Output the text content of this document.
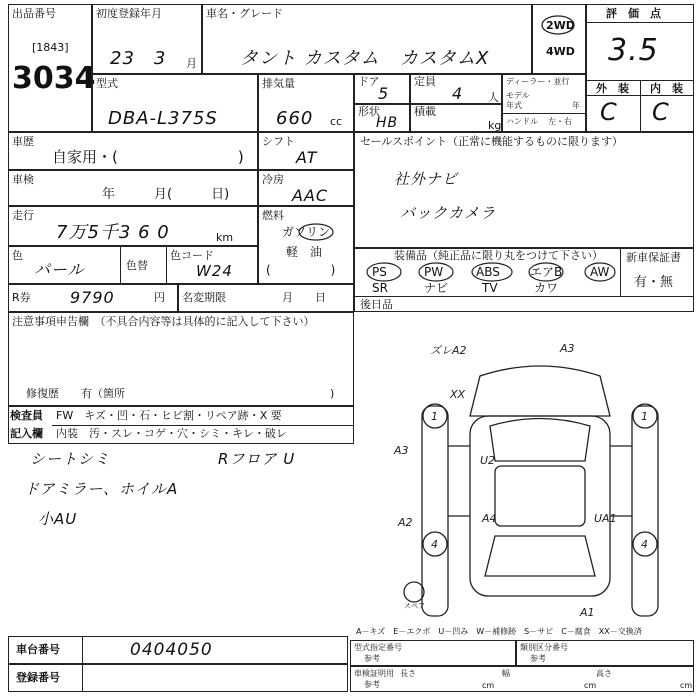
出品番号
[1843]
3034
初度登録年月
23　3 月
車名・グレード
タント カスタム カスタムX
2WD
4WD
評　価　点
3.5
外　装 内　装
C C
型式
DBA-L375S
排気量
660 cc
ドア
5
定員
4 人
ディーラー・並行
モデル
年式	年
ハンドル 左・右
形状
HB
積載
kg
車歴
自家用・(　　　　　　　　)
車検
年　　　月(　　　日)
走行
7万5千3 6 0	km
色
パール	色替
色コード
W24
シフト
AT
冷房
AAC
燃料
ガソリン
軽　油
(　　　　　)
R券 9790	円 名変期限	月　　日
セールスポイント（正常に機能するものに限ります）
社外ナビ
バックカメラ
装備品（純正品に限り丸をつけて下さい） 新車保証書
有・無
後日品
PS	PW	ABS	エアB AW
SR	ナビ	TV	カワ
注意事項申告欄　（不具合内容等は具体的に記入して下さい）
修復歴　　有（箇所	)
検査員
記入欄
FW　キズ・凹・石・ヒビ割・リペア跡・X 要
内装　汚・スレ・コゲ・穴・シミ・キレ・破レ
シートシミ
ドアミラー、ホイルA
小AU
Rフロア U
ズレA2	A3
XX
A3
U2
A4
A2	UA1
A1
4	4
1	1
スペア
A－キズ　E－エクボ　U－凹み　W－補修跡　S－サビ　C－腐食　XX－交換済
車台番号	0404050
登録番号
型式指定番号
参考
類別区分番号
参考
車検証明用
参考
長さ
cm
幅
cm
高さ
cm
